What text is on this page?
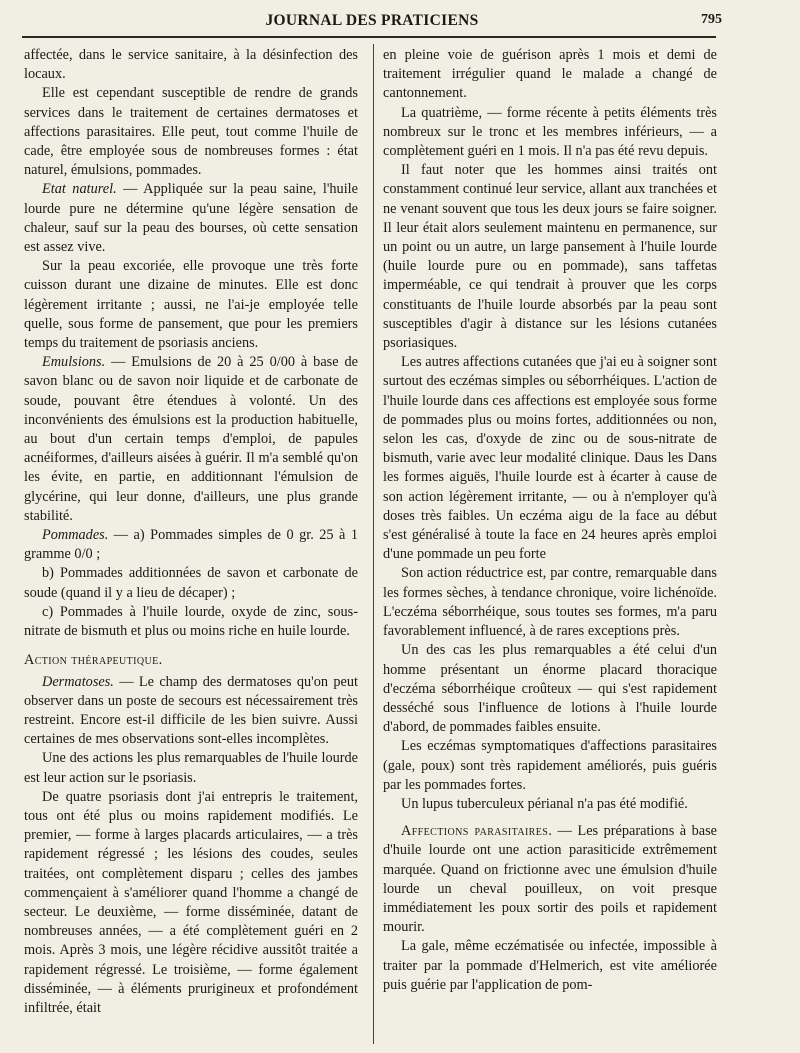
JOURNAL DES PRATICIENS	795

affectée, dans le service sanitaire, à la désinfection des locaux.

Elle est cependant susceptible de rendre de grands services dans le traitement de certaines dermatoses et affections parasitaires. Elle peut, tout comme l'huile de cade, être employée sous de nombreuses formes : état naturel, émulsions, pommades.

Etat naturel. — Appliquée sur la peau saine, l'huile lourde pure ne détermine qu'une légère sensation de chaleur, sauf sur la peau des bourses, où cette sensation est assez vive.

Sur la peau excoriée, elle provoque une très forte cuisson durant une dizaine de minutes. Elle est donc légèrement irritante ; aussi, ne l'ai-je employée telle quelle, sous forme de pansement, que pour les premiers temps du traitement de psoriasis anciens.

Emulsions. — Emulsions de 20 à 25 0/00 à base de savon blanc ou de savon noir liquide et de carbonate de soude, pouvant être étendues à volonté. Un des inconvénients des émulsions est la production habituelle, au bout d'un certain temps d'emploi, de papules acnéiformes, d'ailleurs aisées à guérir. Il m'a semblé qu'on les évite, en partie, en additionnant l'émulsion de glycérine, qui leur donne, d'ailleurs, une plus grande stabilité.

Pommades. — a) Pommades simples de 0 gr. 25 à 1 gramme 0/0 ;

b) Pommades additionnées de savon et carbonate de soude (quand il y a lieu de décaper) ;

c) Pommades à l'huile lourde, oxyde de zinc, sous-nitrate de bismuth et plus ou moins riche en huile lourde.

Action thérapeutique.

Dermatoses. — Le champ des dermatoses qu'on peut observer dans un poste de secours est nécessairement très restreint. Encore est-il difficile de les bien suivre. Aussi certaines de mes observations sont-elles incomplètes.

Une des actions les plus remarquables de l'huile lourde est leur action sur le psoriasis.

De quatre psoriasis dont j'ai entrepris le traitement, tous ont été plus ou moins rapidement modifiés. Le premier, — forme à larges placards articulaires, — a très rapidement régressé ; les lésions des coudes, seules traitées, ont complètement disparu ; celles des jambes commençaient à s'améliorer quand l'homme a changé de secteur. Le deuxième, — forme disséminée, datant de nombreuses années, — a été complètement guéri en 2 mois. Après 3 mois, une légère récidive aussitôt traitée a rapidement régressé. Le troisième, — forme également disséminée, — à éléments prurigineux et profondément infiltrée, était

en pleine voie de guérison après 1 mois et demi de traitement irrégulier quand le malade a changé de cantonnement.

La quatrième, — forme récente à petits éléments très nombreux sur le tronc et les membres inférieurs, — a complètement guéri en 1 mois. Il n'a pas été revu depuis.

Il faut noter que les hommes ainsi traités ont constamment continué leur service, allant aux tranchées et ne venant souvent que tous les deux jours se faire soigner. Il leur était alors seulement maintenu en permanence, sur un point ou un autre, un large pansement à l'huile lourde (huile lourde pure ou en pommade), sans taffetas imperméable, ce qui tendrait à prouver que les corps constituants de l'huile lourde absorbés par la peau sont susceptibles d'agir à distance sur les lésions cutanées psoriasiques.

Les autres affections cutanées que j'ai eu à soigner sont surtout des eczémas simples ou séborrhéiques. L'action de l'huile lourde dans ces affections est employée sous forme de pommades plus ou moins fortes, additionnées ou non, selon les cas, d'oxyde de zinc ou de sous-nitrate de bismuth, varie avec leur modalité clinique. Daus les Dans les formes aiguës, l'huile lourde est à écarter à cause de son action légèrement irritante, — ou à n'employer qu'à doses très faibles. Un eczéma aigu de la face au début s'est généralisé à toute la face en 24 heures après emploi d'une pommade un peu forte

Son action réductrice est, par contre, remarquable dans les formes sèches, à tendance chronique, voire lichénoïde. L'eczéma séborrhéique, sous toutes ses formes, m'a paru favorablement influencé, à de rares exceptions près.

Un des cas les plus remarquables a été celui d'un homme présentant un énorme placard thoracique d'eczéma séborrhéique croûteux — qui s'est rapidement desséché sous l'influence de lotions à l'huile lourde d'abord, de pommades faibles ensuite.

Les eczémas symptomatiques d'affections parasitaires (gale, poux) sont très rapidement améliorés, puis guéris par les pommades fortes.

Un lupus tuberculeux périanal n'a pas été modifié.

Affections parasitaires. — Les préparations à base d'huile lourde ont une action parasiticide extrêmement marquée. Quand on frictionne avec une émulsion d'huile lourde un cheval pouilleux, on voit presque immédiatement les poux sortir des poils et rapidement mourir.

La gale, même eczématisée ou infectée, impossible à traiter par la pommade d'Helmerich, est vite améliorée puis guérie par l'application de pom-
